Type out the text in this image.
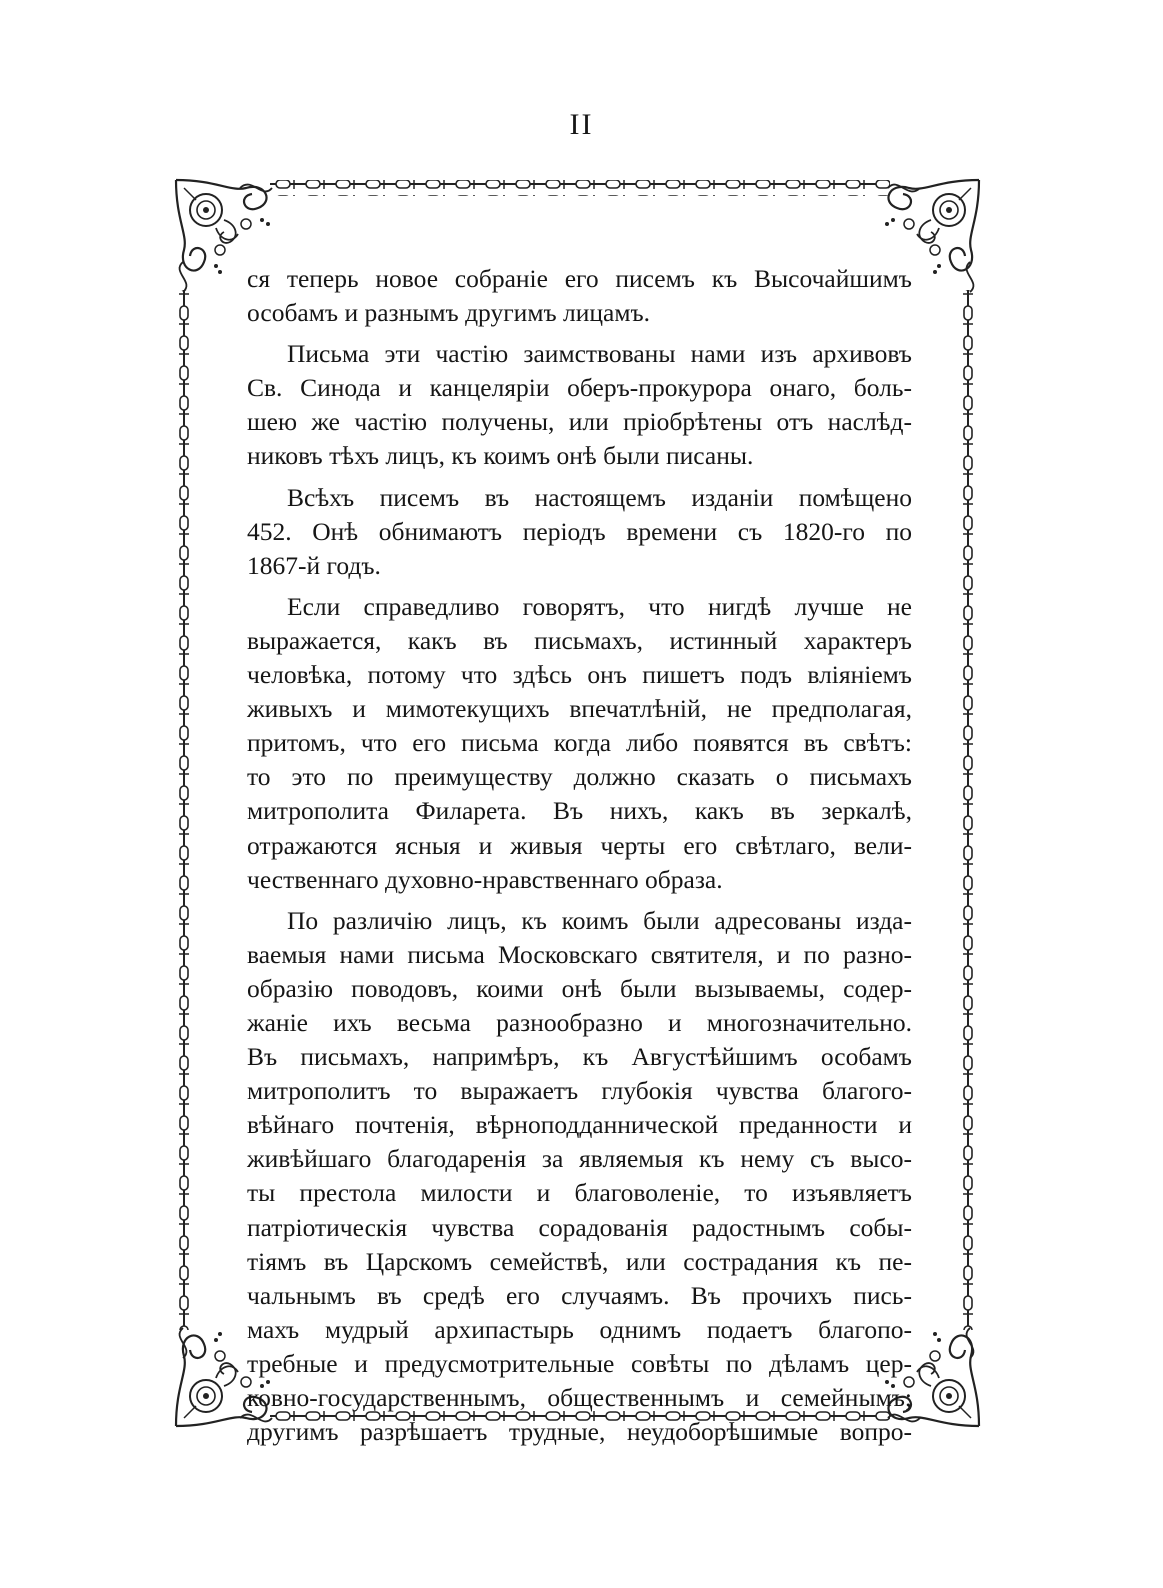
II
ся теперь новое собраніе его писемъ къ Высочайшимъ
особамъ и разнымъ другимъ лицамъ.
Письма эти частію заимствованы нами изъ архивовъ
Св. Синода и канцеляріи оберъ-прокурора онаго, боль-
шею же частію получены, или пріобрѣтены отъ наслѣд-
никовъ тѣхъ лицъ, къ коимъ онѣ были писаны.
Всѣхъ писемъ въ настоящемъ изданіи помѣщено
452. Онѣ обнимаютъ періодъ времени съ 1820-го по
1867-й годъ.
Если справедливо говорятъ, что нигдѣ лучше не
выражается, какъ въ письмахъ, истинный характеръ
человѣка, потому что здѣсь онъ пишетъ подъ вліяніемъ
живыхъ и мимотекущихъ впечатлѣній, не предполагая,
притомъ, что его письма когда либо появятся въ свѣтъ:
то это по преимуществу должно сказать о письмахъ
митрополита Филарета. Въ нихъ, какъ въ зеркалѣ,
отражаются ясныя и живыя черты его свѣтлаго, вели-
чественнаго духовно-нравственнаго образа.
По различію лицъ, къ коимъ были адресованы изда-
ваемыя нами письма Московскаго святителя, и по разно-
образію поводовъ, коими онѣ были вызываемы, содер-
жаніе ихъ весьма разнообразно и многозначительно.
Въ письмахъ, напримѣръ, къ Августѣйшимъ особамъ
митрополитъ то выражаетъ глубокія чувства благого-
вѣйнаго почтенія, вѣрноподданнической преданности и
живѣйшаго благодаренія за являемыя къ нему съ высо-
ты престола милости и благоволеніе, то изъявляетъ
патріотическія чувства сорадованія радостнымъ собы-
тіямъ въ Царскомъ семействѣ, или сострадания къ пе-
чальнымъ въ средѣ его случаямъ. Въ прочихъ пись-
махъ мудрый архипастырь однимъ подаетъ благопо-
требные и предусмотрительные совѣты по дѣламъ цер-
ковно-государственнымъ, общественнымъ и семейнымъ;
другимъ разрѣшаетъ трудные, неудоборѣшимые вопро-
